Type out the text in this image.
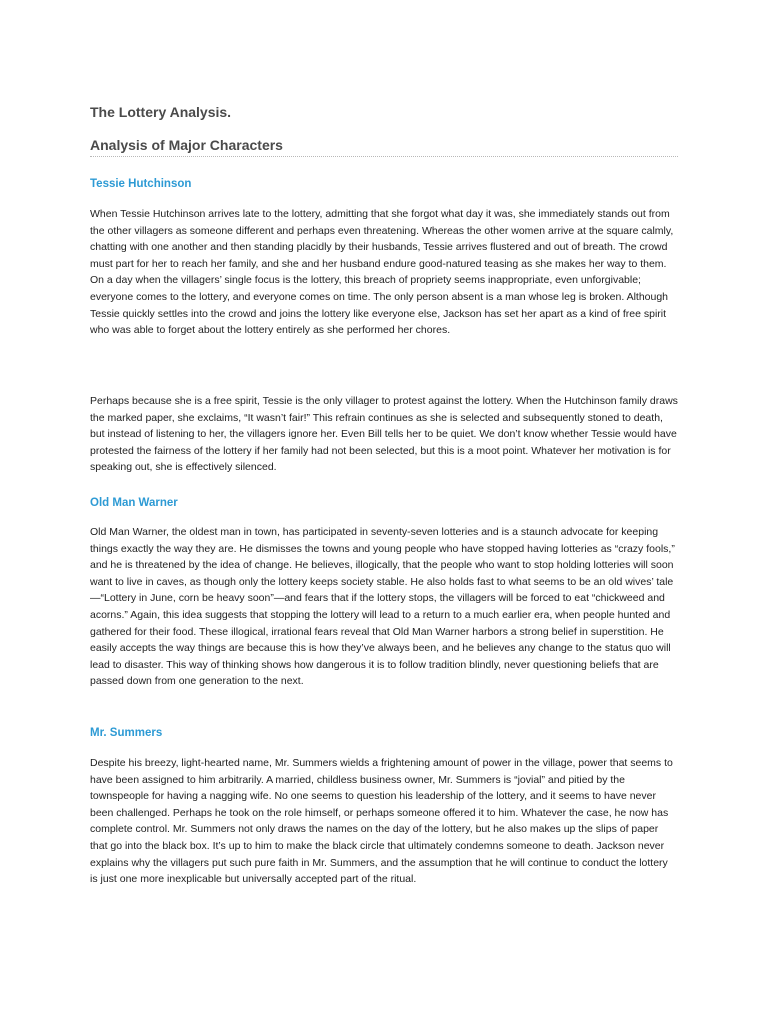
The Lottery Analysis.
Analysis of Major Characters
Tessie Hutchinson

When Tessie Hutchinson arrives late to the lottery, admitting that she forgot what day it was, she immediately stands out from the other villagers as someone different and perhaps even threatening. Whereas the other women arrive at the square calmly, chatting with one another and then standing placidly by their husbands, Tessie arrives flustered and out of breath. The crowd must part for her to reach her family, and she and her husband endure good-natured teasing as she makes her way to them. On a day when the villagers’ single focus is the lottery, this breach of propriety seems inappropriate, even unforgivable; everyone comes to the lottery, and everyone comes on time. The only person absent is a man whose leg is broken. Although Tessie quickly settles into the crowd and joins the lottery like everyone else, Jackson has set her apart as a kind of free spirit who was able to forget about the lottery entirely as she performed her chores.

Perhaps because she is a free spirit, Tessie is the only villager to protest against the lottery. When the Hutchinson family draws the marked paper, she exclaims, “It wasn’t fair!” This refrain continues as she is selected and subsequently stoned to death, but instead of listening to her, the villagers ignore her. Even Bill tells her to be quiet. We don’t know whether Tessie would have protested the fairness of the lottery if her family had not been selected, but this is a moot point. Whatever her motivation is for speaking out, she is effectively silenced.

Old Man Warner

Old Man Warner, the oldest man in town, has participated in seventy-seven lotteries and is a staunch advocate for keeping things exactly the way they are. He dismisses the towns and young people who have stopped having lotteries as “crazy fools,” and he is threatened by the idea of change. He believes, illogically, that the people who want to stop holding lotteries will soon want to live in caves, as though only the lottery keeps society stable. He also holds fast to what seems to be an old wives’ tale—“Lottery in June, corn be heavy soon”—and fears that if the lottery stops, the villagers will be forced to eat “chickweed and acorns.” Again, this idea suggests that stopping the lottery will lead to a return to a much earlier era, when people hunted and gathered for their food. These illogical, irrational fears reveal that Old Man Warner harbors a strong belief in superstition. He easily accepts the way things are because this is how they’ve always been, and he believes any change to the status quo will lead to disaster. This way of thinking shows how dangerous it is to follow tradition blindly, never questioning beliefs that are passed down from one generation to the next.

Mr. Summers

Despite his breezy, light-hearted name, Mr. Summers wields a frightening amount of power in the village, power that seems to have been assigned to him arbitrarily. A married, childless business owner, Mr. Summers is “jovial” and pitied by the townspeople for having a nagging wife. No one seems to question his leadership of the lottery, and it seems to have never been challenged. Perhaps he took on the role himself, or perhaps someone offered it to him. Whatever the case, he now has complete control. Mr. Summers not only draws the names on the day of the lottery, but he also makes up the slips of paper that go into the black box. It’s up to him to make the black circle that ultimately condemns someone to death. Jackson never explains why the villagers put such pure faith in Mr. Summers, and the assumption that he will continue to conduct the lottery is just one more inexplicable but universally accepted part of the ritual.
